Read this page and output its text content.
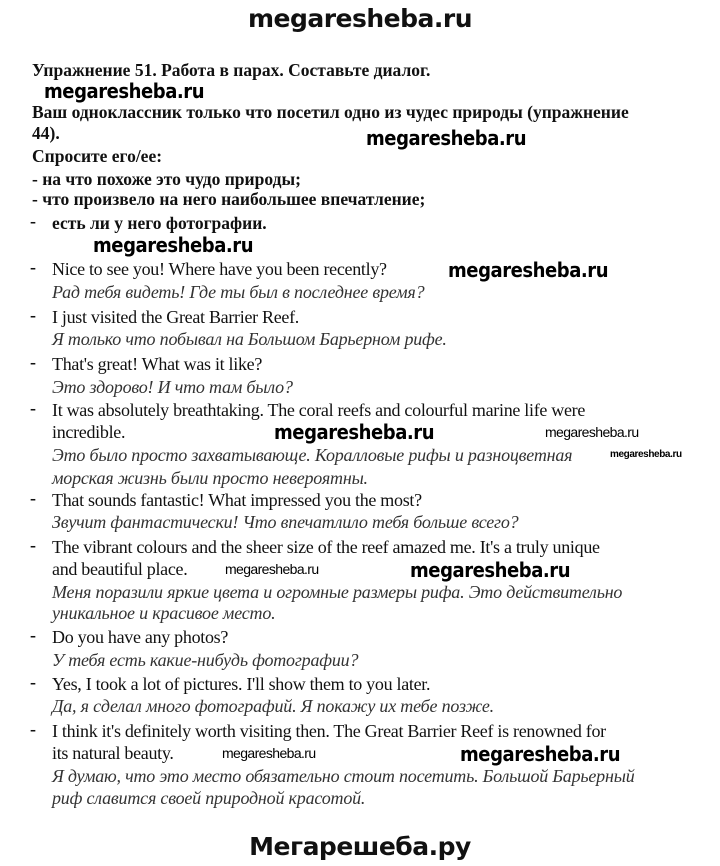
megaresheba.ru
Упражнение 51. Работа в парах. Составьте диалог.
megaresheba.ru
Ваш одноклассник только что посетил одно из чудес природы (упражнение
44).	megaresheba.ru
Спросите его/ее:
- на что похоже это чудо природы;
- что произвело на него наибольшее впечатление;
- есть ли у него фотографии.
megaresheba.ru
- Nice to see you! Where have you been recently?	megaresheba.ru
Рад тебя видеть! Где ты был в последнее время?
- I just visited the Great Barrier Reef.
Я только что побывал на Большом Барьерном рифе.
- That's great! What was it like?
Это здорово! И что там было?
- It was absolutely breathtaking. The coral reefs and colourful marine life were
incredible.	megaresheba.ru	megaresheba.ru
Это было просто захватывающе. Коралловые рифы и разноцветная	megaresheba.ru
морская жизнь были просто невероятны.
- That sounds fantastic! What impressed you the most?
Звучит фантастически! Что впечатлило тебя больше всего?
- The vibrant colours and the sheer size of the reef amazed me. It's a truly unique
and beautiful place.	megaresheba.ru	megaresheba.ru
Меня поразили яркие цвета и огромные размеры рифа. Это действительно
уникальное и красивое место.
- Do you have any photos?
У тебя есть какие-нибудь фотографии?
- Yes, I took a lot of pictures. I'll show them to you later.
Да, я сделал много фотографий. Я покажу их тебе позже.
- I think it's definitely worth visiting then. The Great Barrier Reef is renowned for
its natural beauty.	megaresheba.ru	megaresheba.ru
Я думаю, что это место обязательно стоит посетить. Большой Барьерный
риф славится своей природной красотой.
Мегарешеба.ру
